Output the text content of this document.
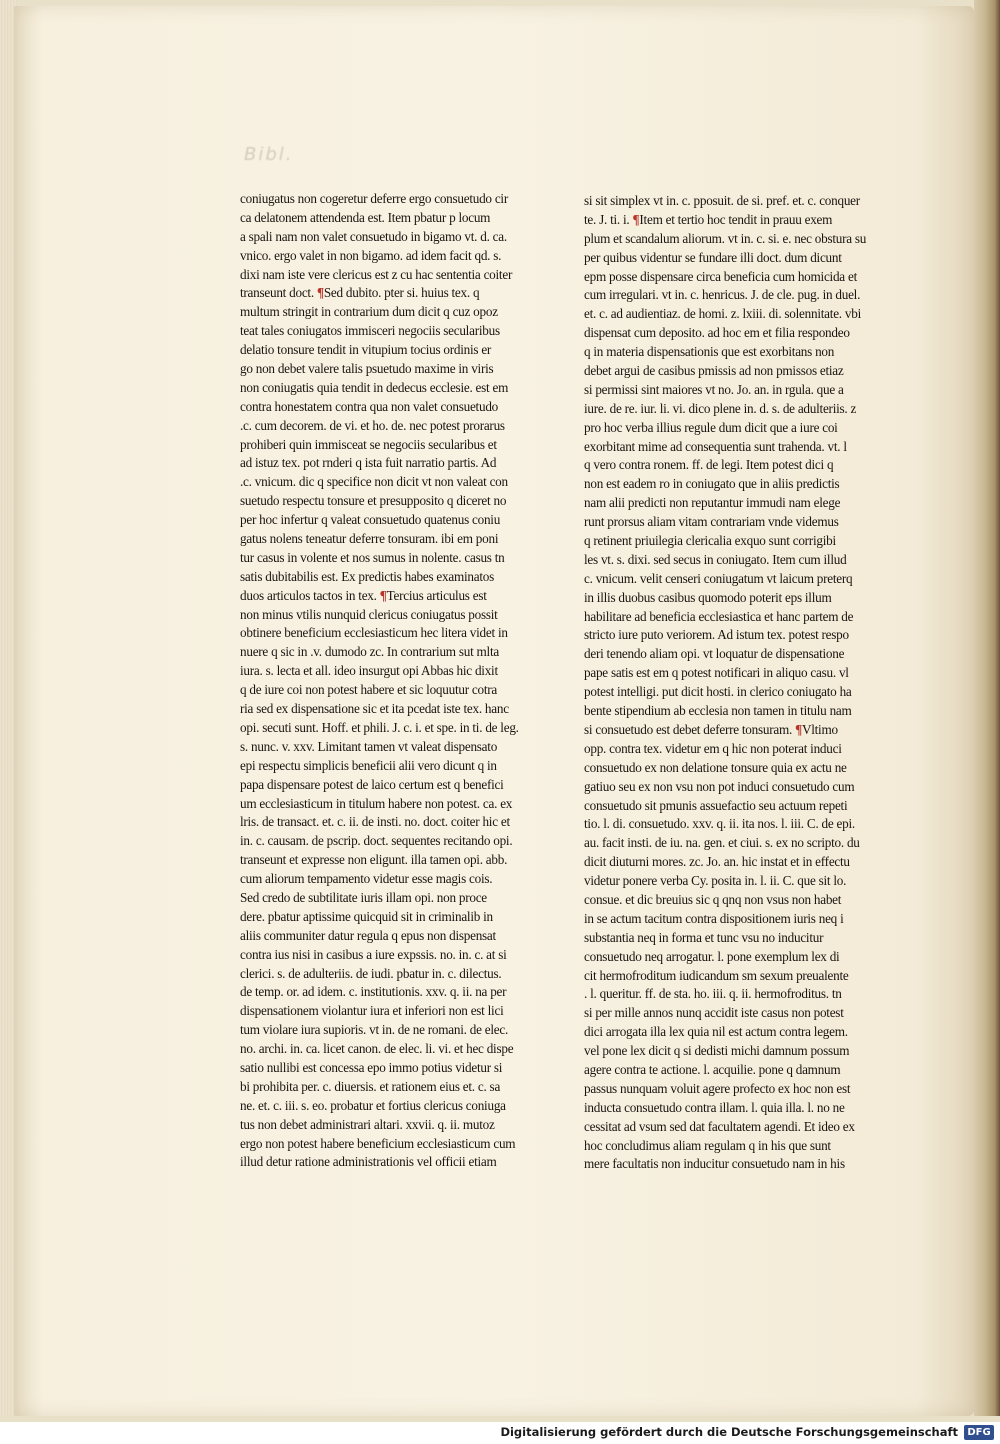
Bibl.
coniugatus non cogeretur deferre ergo consuetudo cir
ca delatonem attendenda est. Item pbatur p locum
a spali nam non valet consuetudo in bigamo vt. d. ca.
vnico. ergo valet in non bigamo. ad idem facit qd. s.
dixi nam iste vere clericus est z cu hac sententia coiter
transeunt doct. ¶Sed dubito. pter si. huius tex. q
multum stringit in contrarium dum dicit q cuz opoz
teat tales coniugatos immisceri negociis secularibus
delatio tonsure tendit in vitupium tocius ordinis er
go non debet valere talis psuetudo maxime in viris
non coniugatis quia tendit in dedecus ecclesie. est em
contra honestatem contra qua non valet consuetudo
.c. cum decorem. de vi. et ho. de. nec potest prorarus
prohiberi quin immisceat se negociis secularibus et
ad istuz tex. pot rnderi q ista fuit narratio partis. Ad
.c. vnicum. dic q specifice non dicit vt non valeat con
suetudo respectu tonsure et presupposito q diceret no
per hoc infertur q valeat consuetudo quatenus coniu
gatus nolens teneatur deferre tonsuram. ibi em poni
tur casus in volente et nos sumus in nolente. casus tn
satis dubitabilis est. Ex predictis habes examinatos
duos articulos tactos in tex. ¶Tercius articulus est
non minus vtilis nunquid clericus coniugatus possit
obtinere beneficium ecclesiasticum hec litera videt in
nuere q sic in .v. dumodo zc. In contrarium sut mlta
iura. s. lecta et all. ideo insurgut opi Abbas hic dixit
q de iure coi non potest habere et sic loquutur cotra
ria sed ex dispensatione sic et ita pcedat iste tex. hanc
opi. secuti sunt. Hoff. et phili. J. c. i. et spe. in ti. de leg.
s. nunc. v. xxv. Limitant tamen vt valeat dispensato
epi respectu simplicis beneficii alii vero dicunt q in
papa dispensare potest de laico certum est q benefici
um ecclesiasticum in titulum habere non potest. ca. ex
lris. de transact. et. c. ii. de insti. no. doct. coiter hic et
in. c. causam. de pscrip. doct. sequentes recitando opi.
transeunt et expresse non eligunt. illa tamen opi. abb.
cum aliorum tempamento videtur esse magis cois.
Sed credo de subtilitate iuris illam opi. non proce
dere. pbatur aptissime quicquid sit in criminalib in
aliis communiter datur regula q epus non dispensat
contra ius nisi in casibus a iure expssis. no. in. c. at si
clerici. s. de adulteriis. de iudi. pbatur in. c. dilectus.
de temp. or. ad idem. c. institutionis. xxv. q. ii. na per
dispensationem violantur iura et inferiori non est lici
tum violare iura supioris. vt in. de ne romani. de elec.
no. archi. in. ca. licet canon. de elec. li. vi. et hec dispe
satio nullibi est concessa epo immo potius videtur si
bi prohibita per. c. diuersis. et rationem eius et. c. sa
ne. et. c. iii. s. eo. probatur et fortius clericus coniuga
tus non debet administrari altari. xxvii. q. ii. mutoz
ergo non potest habere beneficium ecclesiasticum cum
illud detur ratione administrationis vel officii etiam
si sit simplex vt in. c. pposuit. de si. pref. et. c. conquer
te. J. ti. i. ¶Item et tertio hoc tendit in prauu exem
plum et scandalum aliorum. vt in. c. si. e. nec obstura su
per quibus videntur se fundare illi doct. dum dicunt
epm posse dispensare circa beneficia cum homicida et
cum irregulari. vt in. c. henricus. J. de cle. pug. in duel.
et. c. ad audientiaz. de homi. z. lxiii. di. solennitate. vbi
dispensat cum deposito. ad hoc em et filia respondeo
q in materia dispensationis que est exorbitans non
debet argui de casibus pmissis ad non pmissos etiaz
si permissi sint maiores vt no. Jo. an. in rgula. que a
iure. de re. iur. li. vi. dico plene in. d. s. de adulteriis. z
pro hoc verba illius regule dum dicit que a iure coi
exorbitant mime ad consequentia sunt trahenda. vt. l
q vero contra ronem. ff. de legi. Item potest dici q
non est eadem ro in coniugato que in aliis predictis
nam alii predicti non reputantur immudi nam elege
runt prorsus aliam vitam contrariam vnde videmus
q retinent priuilegia clericalia exquo sunt corrigibi
les vt. s. dixi. sed secus in coniugato. Item cum illud
c. vnicum. velit censeri coniugatum vt laicum preterq
in illis duobus casibus quomodo poterit eps illum
habilitare ad beneficia ecclesiastica et hanc partem de
stricto iure puto veriorem. Ad istum tex. potest respo
deri tenendo aliam opi. vt loquatur de dispensatione
pape satis est em q potest notificari in aliquo casu. vl
potest intelligi. put dicit hosti. in clerico coniugato ha
bente stipendium ab ecclesia non tamen in titulu nam
si consuetudo est debet deferre tonsuram. ¶Vltimo
opp. contra tex. videtur em q hic non poterat induci
consuetudo ex non delatione tonsure quia ex actu ne
gatiuo seu ex non vsu non pot induci consuetudo cum
consuetudo sit pmunis assuefactio seu actuum repeti
tio. l. di. consuetudo. xxv. q. ii. ita nos. l. iii. C. de epi.
au. facit insti. de iu. na. gen. et ciui. s. ex no scripto. du
dicit diuturni mores. zc. Jo. an. hic instat et in effectu
videtur ponere verba Cy. posita in. l. ii. C. que sit lo.
consue. et dic breuius sic q qnq non vsus non habet
in se actum tacitum contra dispositionem iuris neq i
substantia neq in forma et tunc vsu no inducitur
consuetudo neq arrogatur. l. pone exemplum lex di
cit hermofroditum iudicandum sm sexum preualente
. l. queritur. ff. de sta. ho. iii. q. ii. hermofroditus. tn
si per mille annos nunq accidit iste casus non potest
dici arrogata illa lex quia nil est actum contra legem.
vel pone lex dicit q si dedisti michi damnum possum
agere contra te actione. l. acquilie. pone q damnum
passus nunquam voluit agere profecto ex hoc non est
inducta consuetudo contra illam. l. quia illa. l. no ne
cessitat ad vsum sed dat facultatem agendi. Et ideo ex
hoc concludimus aliam regulam q in his que sunt
mere facultatis non inducitur consuetudo nam in his
Digitalisierung gefördert durch die Deutsche Forschungsgemeinschaft DFG
